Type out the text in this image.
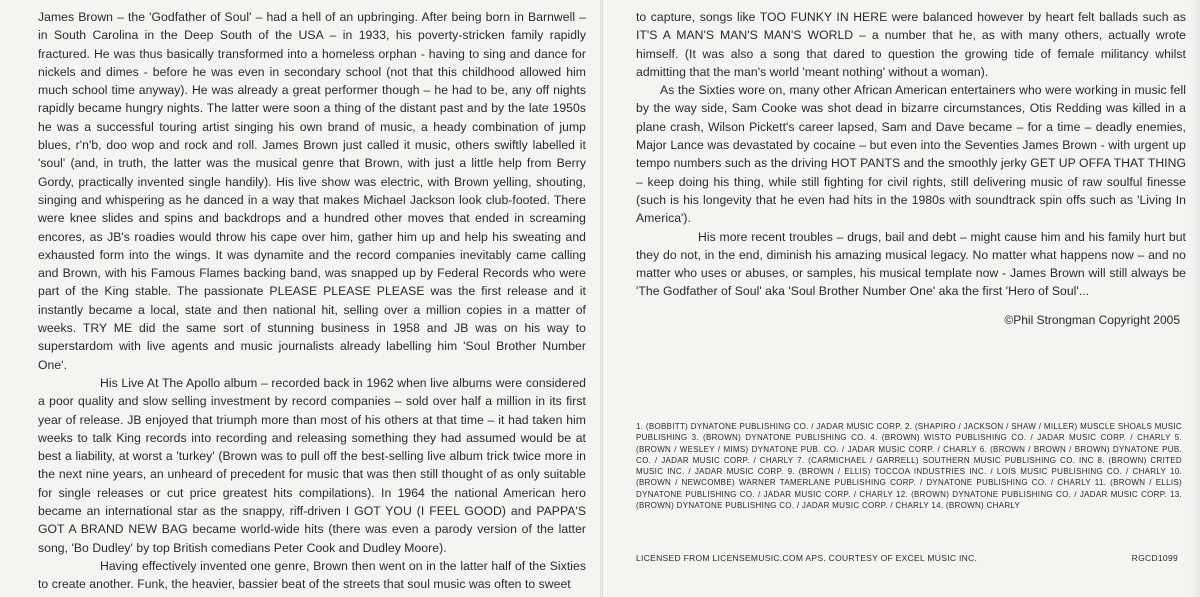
James Brown – the 'Godfather of Soul' – had a hell of an upbringing. After being born in Barnwell – in South Carolina in the Deep South of the USA – in 1933, his poverty-stricken family rapidly fractured. He was thus basically transformed into a homeless orphan - having to sing and dance for nickels and dimes - before he was even in secondary school (not that this childhood allowed him much school time anyway). He was already a great performer though – he had to be, any off nights rapidly became hungry nights. The latter were soon a thing of the distant past and by the late 1950s he was a successful touring artist singing his own brand of music, a heady combination of jump blues, r'n'b, doo wop and rock and roll. James Brown just called it music, others swiftly labelled it 'soul' (and, in truth, the latter was the musical genre that Brown, with just a little help from Berry Gordy, practically invented single handily). His live show was electric, with Brown yelling, shouting, singing and whispering as he danced in a way that makes Michael Jackson look club-footed. There were knee slides and spins and backdrops and a hundred other moves that ended in screaming encores, as JB's roadies would throw his cape over him, gather him up and help his sweating and exhausted form into the wings. It was dynamite and the record companies inevitably came calling and Brown, with his Famous Flames backing band, was snapped up by Federal Records who were part of the King stable. The passionate PLEASE PLEASE PLEASE was the first release and it instantly became a local, state and then national hit, selling over a million copies in a matter of weeks. TRY ME did the same sort of stunning business in 1958 and JB was on his way to superstardom with live agents and music journalists already labelling him 'Soul Brother Number One'.

His Live At The Apollo album – recorded back in 1962 when live albums were considered a poor quality and slow selling investment by record companies – sold over half a million in its first year of release. JB enjoyed that triumph more than most of his others at that time – it had taken him weeks to talk King records into recording and releasing something they had assumed would be at best a liability, at worst a 'turkey' (Brown was to pull off the best-selling live album trick twice more in the next nine years, an unheard of precedent for music that was then still thought of as only suitable for single releases or cut price greatest hits compilations). In 1964 the national American hero became an international star as the snappy, riff-driven I GOT YOU (I FEEL GOOD) and PAPPA'S GOT A BRAND NEW BAG became world-wide hits (there was even a parody version of the latter song, 'Bo Dudley' by top British comedians Peter Cook and Dudley Moore).

Having effectively invented one genre, Brown then went on in the latter half of the Sixties to create another. Funk, the heavier, bassier beat of the streets that soul music was often to sweet

to capture, songs like TOO FUNKY IN HERE were balanced however by heart felt ballads such as IT'S A MAN'S MAN'S MAN'S WORLD – a number that he, as with many others, actually wrote himself. (It was also a song that dared to question the growing tide of female militancy whilst admitting that the man's world 'meant nothing' without a woman).

As the Sixties wore on, many other African American entertainers who were working in music fell by the way side, Sam Cooke was shot dead in bizarre circumstances, Otis Redding was killed in a plane crash, Wilson Pickett's career lapsed, Sam and Dave became – for a time – deadly enemies, Major Lance was devastated by cocaine – but even into the Seventies James Brown - with urgent up tempo numbers such as the driving HOT PANTS and the smoothly jerky GET UP OFFA THAT THING – keep doing his thing, while still fighting for civil rights, still delivering music of raw soulful finesse (such is his longevity that he even had hits in the 1980s with soundtrack spin offs such as 'Living In America').

His more recent troubles – drugs, bail and debt – might cause him and his family hurt but they do not, in the end, diminish his amazing musical legacy. No matter what happens now – and no matter who uses or abuses, or samples, his musical template now - James Brown will still always be 'The Godfather of Soul' aka 'Soul Brother Number One' aka the first 'Hero of Soul'...

©Phil Strongman Copyright 2005
1. (BOBBITT) DYNATONE PUBLISHING CO. / JADAR MUSIC CORP. 2. (SHAPIRO / JACKSON / SHAW / MILLER) MUSCLE SHOALS MUSIC PUBLISHING 3. (BROWN) DYNATONE PUBLISHING CO. 4. (BROWN) WISTO PUBLISHING CO. / JADAR MUSIC CORP. / CHARLY 5. (BROWN / WESLEY / MIMS) DYNATONE PUB. CO. / JADAR MUSIC CORP. / CHARLY 6. (BROWN / BROWN / BROWN) DYNATONE PUB. CO. / JADAR MUSIC CORP. / CHARLY 7. (CARMICHAEL / GARRELL) SOUTHERN MUSIC PUBLISHING CO. INC 8. (BROWN) CRITED MUSIC INC. / JADAR MUSIC CORP. 9. (BROWN / ELLIS) TOCCOA INDUSTRIES INC. / LOIS MUSIC PUBLISHING CO. / CHARLY 10. (BROWN / NEWCOMBE) WARNER TAMERLANE PUBLISHING CORP. / DYNATONE PUBLISHING CO. / CHARLY 11. (BROWN / ELLIS) DYNATONE PUBLISHING CO. / JADAR MUSIC CORP. / CHARLY 12. (BROWN) DYNATONE PUBLISHING CO. / JADAR MUSIC CORP. 13. (BROWN) DYNATONE PUBLISHING CO. / JADAR MUSIC CORP. / CHARLY 14. (BROWN) CHARLY
LICENSED FROM LICENSEMUSIC.COM APS. COURTESY OF EXCEL MUSIC INC.	RGCD1099
